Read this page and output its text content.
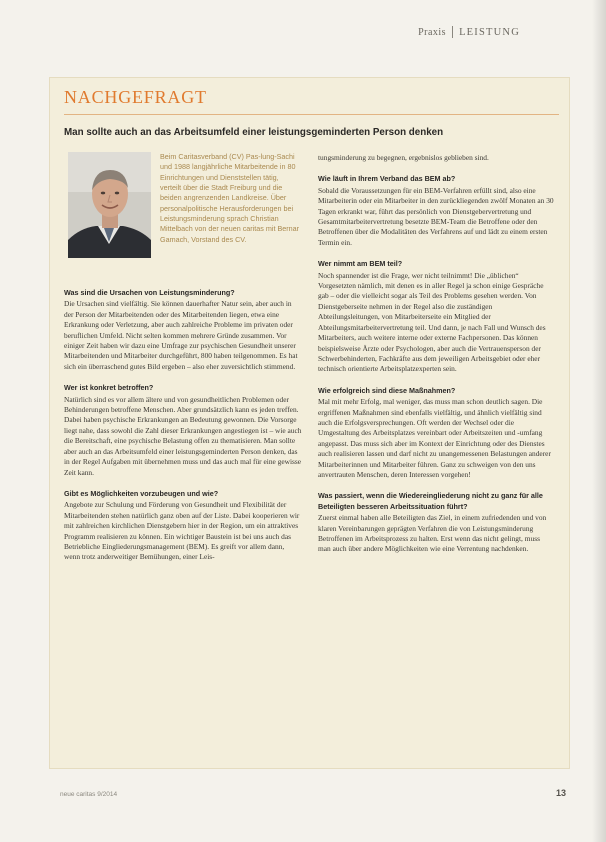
Praxis LEISTUNG
NACHGEFRAGT
Man sollte auch an das Arbeitsumfeld einer leistungsgeminderten Person denken

Beim Caritasverband (CV) Pas-lung-Sachi und 1988 langjährliche Mitarbeitende in 80 Einrichtungen und Dienststellen tätig, verteilt über die Stadt Freiburg und die beiden angrenzenden Landkreise. Über personalpolitische Herausforderungen bei Leistungsminderung sprach Christian Mittelbach von der neuen caritas mit Bernar Gamach, Vorstand des CV.

Was sind die Ursachen von Leistungsminderung?

Die Ursachen sind vielfältig. Sie können dauerhafter Natur sein, aber auch in der Person der Mitarbeitenden oder des Mitarbeitenden liegen, etwa eine Erkrankung oder Verletzung, aber auch zahlreiche Probleme im privaten oder beruflichen Umfeld. Nicht selten kommen mehrere Gründe zusammen. Vor einiger Zeit haben wir dazu eine Umfrage zur psychischen Gesundheit unserer Mitarbeitenden und Mitarbeiter durchgeführt, 800 haben teilgenommen. Es hat sich ein überraschend gutes Bild ergeben – also eher zuversichtlich stimmend.

Wer ist konkret betroffen?

Natürlich sind es vor allem ältere und von gesundheitlichen Problemen oder Behinderungen betroffene Menschen. Aber grundsätzlich kann es jeden treffen. Dabei haben psychische Erkrankungen an Bedeutung gewonnen. Die Vorsorge liegt nahe, dass sowohl die Zahl dieser Erkrankungen angestiegen ist – wie auch die Bereitschaft, eine psychische Belastung offen zu thematisieren. Man sollte aber auch an das Arbeitsumfeld einer leistungsgeminderten Person denken, das in der Regel Aufgaben mit übernehmen muss und das auch mal für eine gewisse Zeit kann.

Gibt es Möglichkeiten vorzubeugen und wie?

Angebote zur Schulung und Förderung von Gesundheit und Flexibilität der Mitarbeitenden stehen natürlich ganz oben auf der Liste. Dabei kooperieren wir mit zahlreichen kirchlichen Dienstgebern hier in der Region, um ein attraktives Programm realisieren zu können. Ein wichtiger Baustein ist bei uns auch das Betriebliche Eingliederungsmanagement (BEM). Es greift vor allem dann, wenn trotz anderweitiger Bemühungen, einer Leis-

tungsminderung zu begegnen, ergebnislos geblieben sind.

Wie läuft in Ihrem Verband das BEM ab?

Sobald die Voraussetzungen für ein BEM-Verfahren erfüllt sind, also eine Mitarbeiterin oder ein Mitarbeiter in den zurückliegenden zwölf Monaten an 30 Tagen erkrankt war, führt das persönlich von Dienstgebervertretung und Gesamtmitarbeitervertretung besetzte BEM-Team die Betroffene oder den Betroffenen über die Modalitäten des Verfahrens auf und lädt zu einem ersten Termin ein.

Wer nimmt am BEM teil?

Noch spannender ist die Frage, wer nicht teilnimmt! Die „üblichen“ Vorgesetzten nämlich, mit denen es in aller Regel ja schon einige Gespräche gab – oder die vielleicht sogar als Teil des Problems gesehen werden. Von Dienstgeberseite nehmen in der Regel also die zuständigen Abteilungsleitungen, von Mitarbeiterseite ein Mitglied der Abteilungsmitarbeitervertretung teil. Und dann, je nach Fall und Wunsch des Mitarbeiters, auch weitere interne oder externe Fachpersonen. Das können beispielsweise Ärzte oder Psychologen, aber auch die Vertrauensperson der Schwerbehinderten, Fachkräfte aus dem jeweiligen Arbeitsgebiet oder eher technisch orientierte Arbeitsplatzexperten sein.

Wie erfolgreich sind diese Maßnahmen?

Mal mit mehr Erfolg, mal weniger, das muss man schon deutlich sagen. Die ergriffenen Maßnahmen sind ebenfalls vielfältig, und ähnlich vielfältig sind auch die Erfolgsversprechungen. Oft werden der Wechsel oder die Umgestaltung des Arbeitsplatzes vereinbart oder Arbeitszeiten und -umfang angepasst. Das muss sich aber im Kontext der Einrichtung oder des Dienstes auch realisieren lassen und darf nicht zu unangemessenen Belastungen anderer Mitarbeiterinnen und Mitarbeiter führen. Ganz zu schweigen von den uns anvertrauten Menschen, deren Interessen vorgehen!

Was passiert, wenn die Wiedereingliederung nicht zu ganz für alle Beteiligten besseren Arbeitssituation führt?

Zuerst einmal haben alle Beteiligten das Ziel, in einem zufriedenden und von klaren Vereinbarungen geprägten Verfahren die von Leistungsminderung Betroffenen im Arbeitsprozess zu halten. Erst wenn das nicht gelingt, muss man auch über andere Möglichkeiten wie eine Verrentung nachdenken.

neue caritas 9/2014	13
